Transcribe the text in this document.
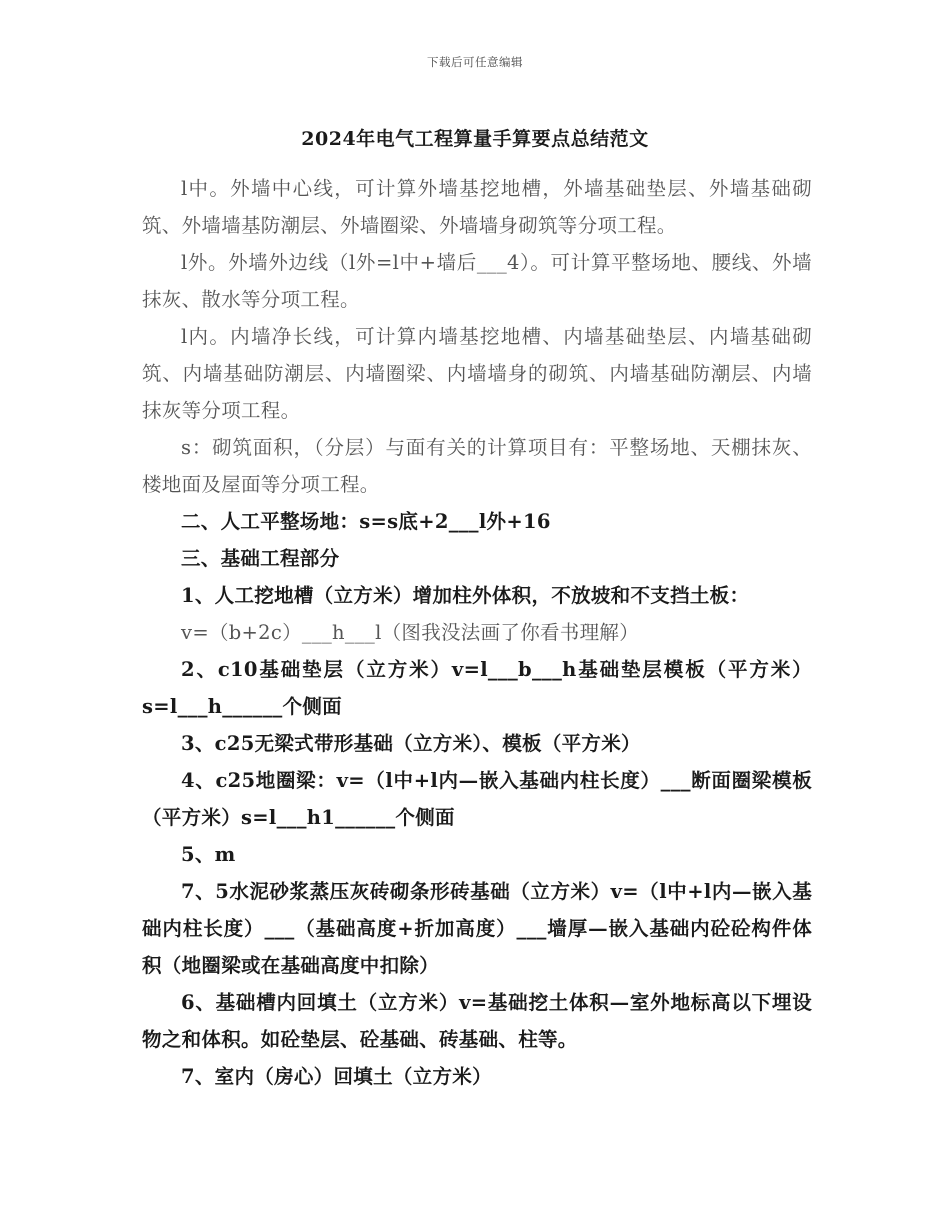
下载后可任意编辑
2024年电气工程算量手算要点总结范文

l中。外墙中心线，可计算外墙基挖地槽，外墙基础垫层、外墙基础砌筑、外墙墙基防潮层、外墙圈梁、外墙墙身砌筑等分项工程。

l外。外墙外边线（l外=l中+墙后___4）。可计算平整场地、腰线、外墙抹灰、散水等分项工程。

l内。内墙净长线，可计算内墙基挖地槽、内墙基础垫层、内墙基础砌筑、内墙基础防潮层、内墙圈梁、内墙墙身的砌筑、内墙基础防潮层、内墙抹灰等分项工程。

s：砌筑面积，（分层）与面有关的计算项目有：平整场地、天棚抹灰、楼地面及屋面等分项工程。

二、人工平整场地：s=s底+2___l外+16

三、基础工程部分

1、人工挖地槽（立方米）增加柱外体积，不放坡和不支挡土板：

v=（b+2c）___h___l（图我没法画了你看书理解）

2、c10基础垫层（立方米）v=l___b___h基础垫层模板（平方米）s=l___h______个侧面

3、c25无梁式带形基础（立方米）、模板（平方米）

4、c25地圈梁：v=（l中+l内—嵌入基础内柱长度）___断面圈梁模板（平方米）s=l___h1______个侧面

5、m

7、5水泥砂浆蒸压灰砖砌条形砖基础（立方米）v=（l中+l内—嵌入基础内柱长度）___（基础高度+折加高度）___墙厚—嵌入基础内砼砼构件体积（地圈梁或在基础高度中扣除）

6、基础槽内回填土（立方米）v=基础挖土体积—室外地标高以下埋设物之和体积。如砼垫层、砼基础、砖基础、柱等。

7、室内（房心）回填土（立方米）
